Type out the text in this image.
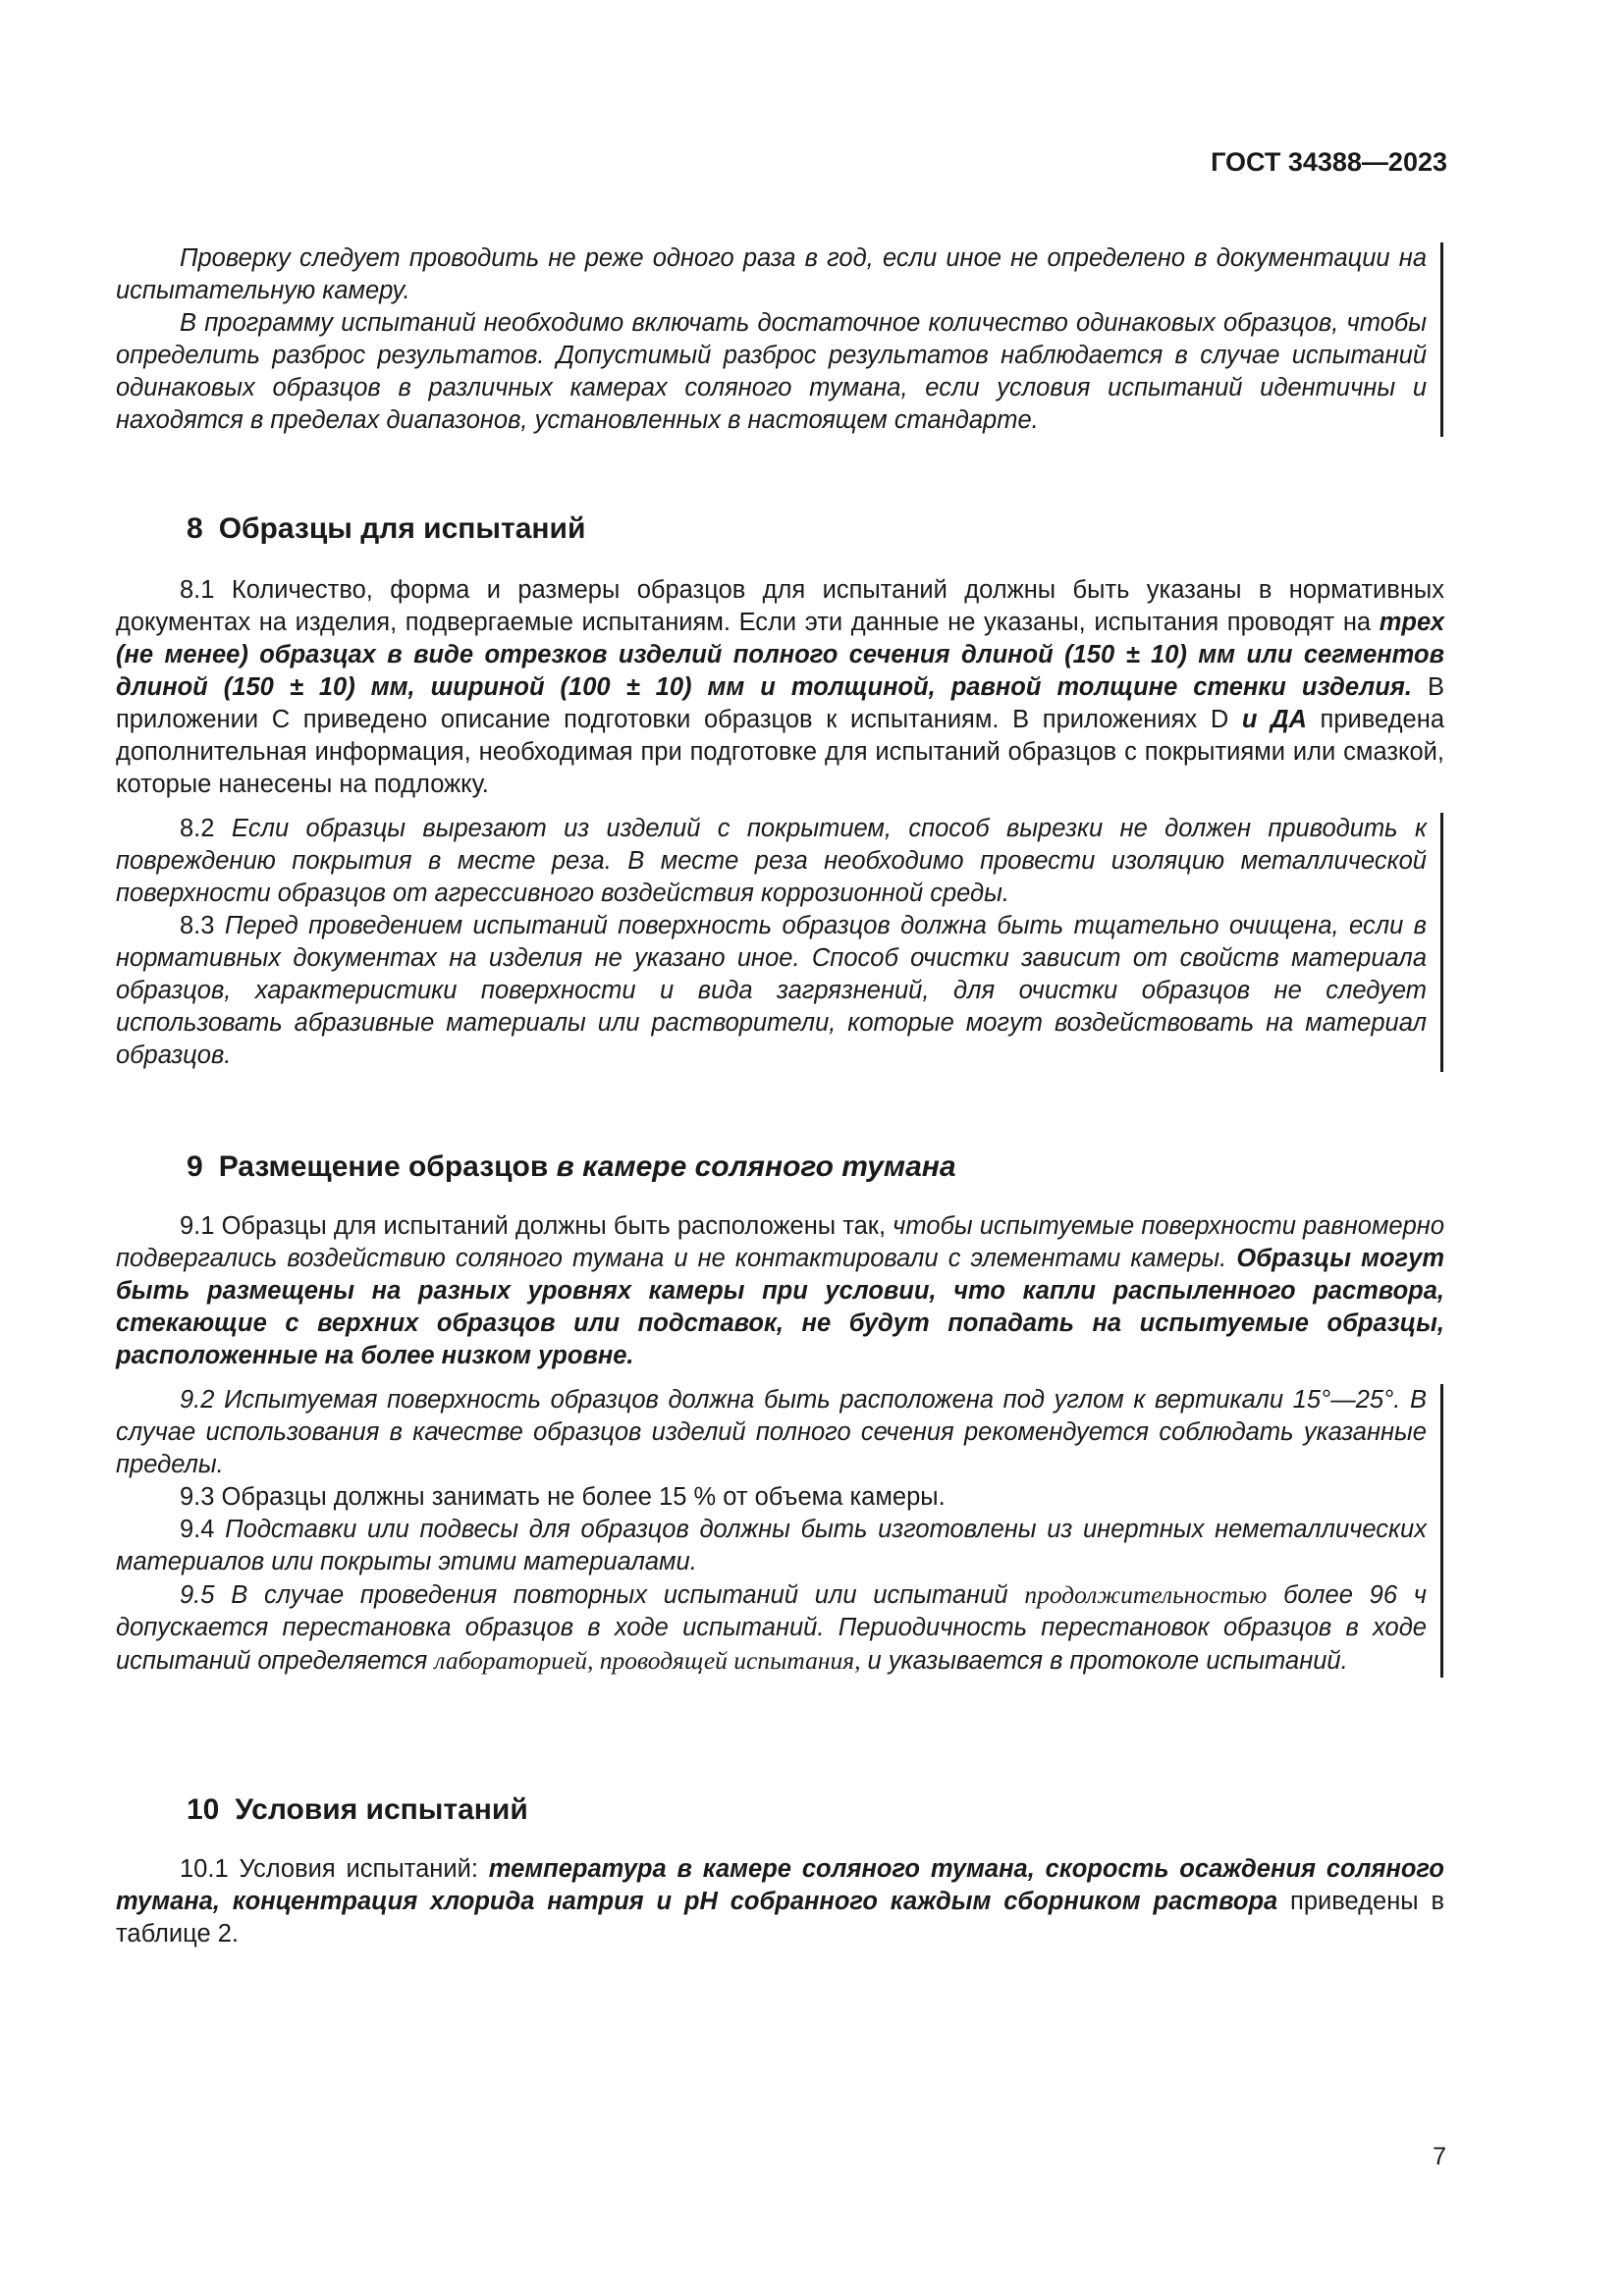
ГОСТ 34388—2023

Проверку следует проводить не реже одного раза в год, если иное не определено в документации на испытательную камеру.

В программу испытаний необходимо включать достаточное количество одинаковых образцов, чтобы определить разброс результатов. Допустимый разброс результатов наблюдается в случае испытаний одинаковых образцов в различных камерах соляного тумана, если условия испытаний идентичны и находятся в пределах диапазонов, установленных в настоящем стандарте.

8 Образцы для испытаний

8.1 Количество, форма и размеры образцов для испытаний должны быть указаны в нормативных документах на изделия, подвергаемые испытаниям. Если эти данные не указаны, испытания проводят на трех (не менее) образцах в виде отрезков изделий полного сечения длиной (150 ± 10) мм или сегментов длиной (150 ± 10) мм, шириной (100 ± 10) мм и толщиной, равной толщине стенки изделия. В приложении С приведено описание подготовки образцов к испытаниям. В приложениях D и ДА приведена дополнительная информация, необходимая при подготовке для испытаний образцов с покрытиями или смазкой, которые нанесены на подложку.

8.2 Если образцы вырезают из изделий с покрытием, способ вырезки не должен приводить к повреждению покрытия в месте реза. В месте реза необходимо провести изоляцию металлической поверхности образцов от агрессивного воздействия коррозионной среды.

8.3 Перед проведением испытаний поверхность образцов должна быть тщательно очищена, если в нормативных документах на изделия не указано иное. Способ очистки зависит от свойств материала образцов, характеристики поверхности и вида загрязнений, для очистки образцов не следует использовать абразивные материалы или растворители, которые могут воздействовать на материал образцов.

9 Размещение образцов в камере соляного тумана

9.1 Образцы для испытаний должны быть расположены так, чтобы испытуемые поверхности равномерно подвергались воздействию соляного тумана и не контактировали с элементами камеры. Образцы могут быть размещены на разных уровнях камеры при условии, что капли распыленного раствора, стекающие с верхних образцов или подставок, не будут попадать на испытуемые образцы, расположенные на более низком уровне.

9.2 Испытуемая поверхность образцов должна быть расположена под углом к вертикали 15°—25°. В случае использования в качестве образцов изделий полного сечения рекомендуется соблюдать указанные пределы.

9.3 Образцы должны занимать не более 15 % от объема камеры.

9.4 Подставки или подвесы для образцов должны быть изготовлены из инертных неметаллических материалов или покрыты этими материалами.

9.5 В случае проведения повторных испытаний или испытаний продолжительностью более 96 ч допускается перестановка образцов в ходе испытаний. Периодичность перестановок образцов в ходе испытаний определяется лабораторией, проводящей испытания, и указывается в протоколе испытаний.

10 Условия испытаний

10.1 Условия испытаний: температура в камере соляного тумана, скорость осаждения соляного тумана, концентрация хлорида натрия и pH собранного каждым сборником раствора приведены в таблице 2.

7
